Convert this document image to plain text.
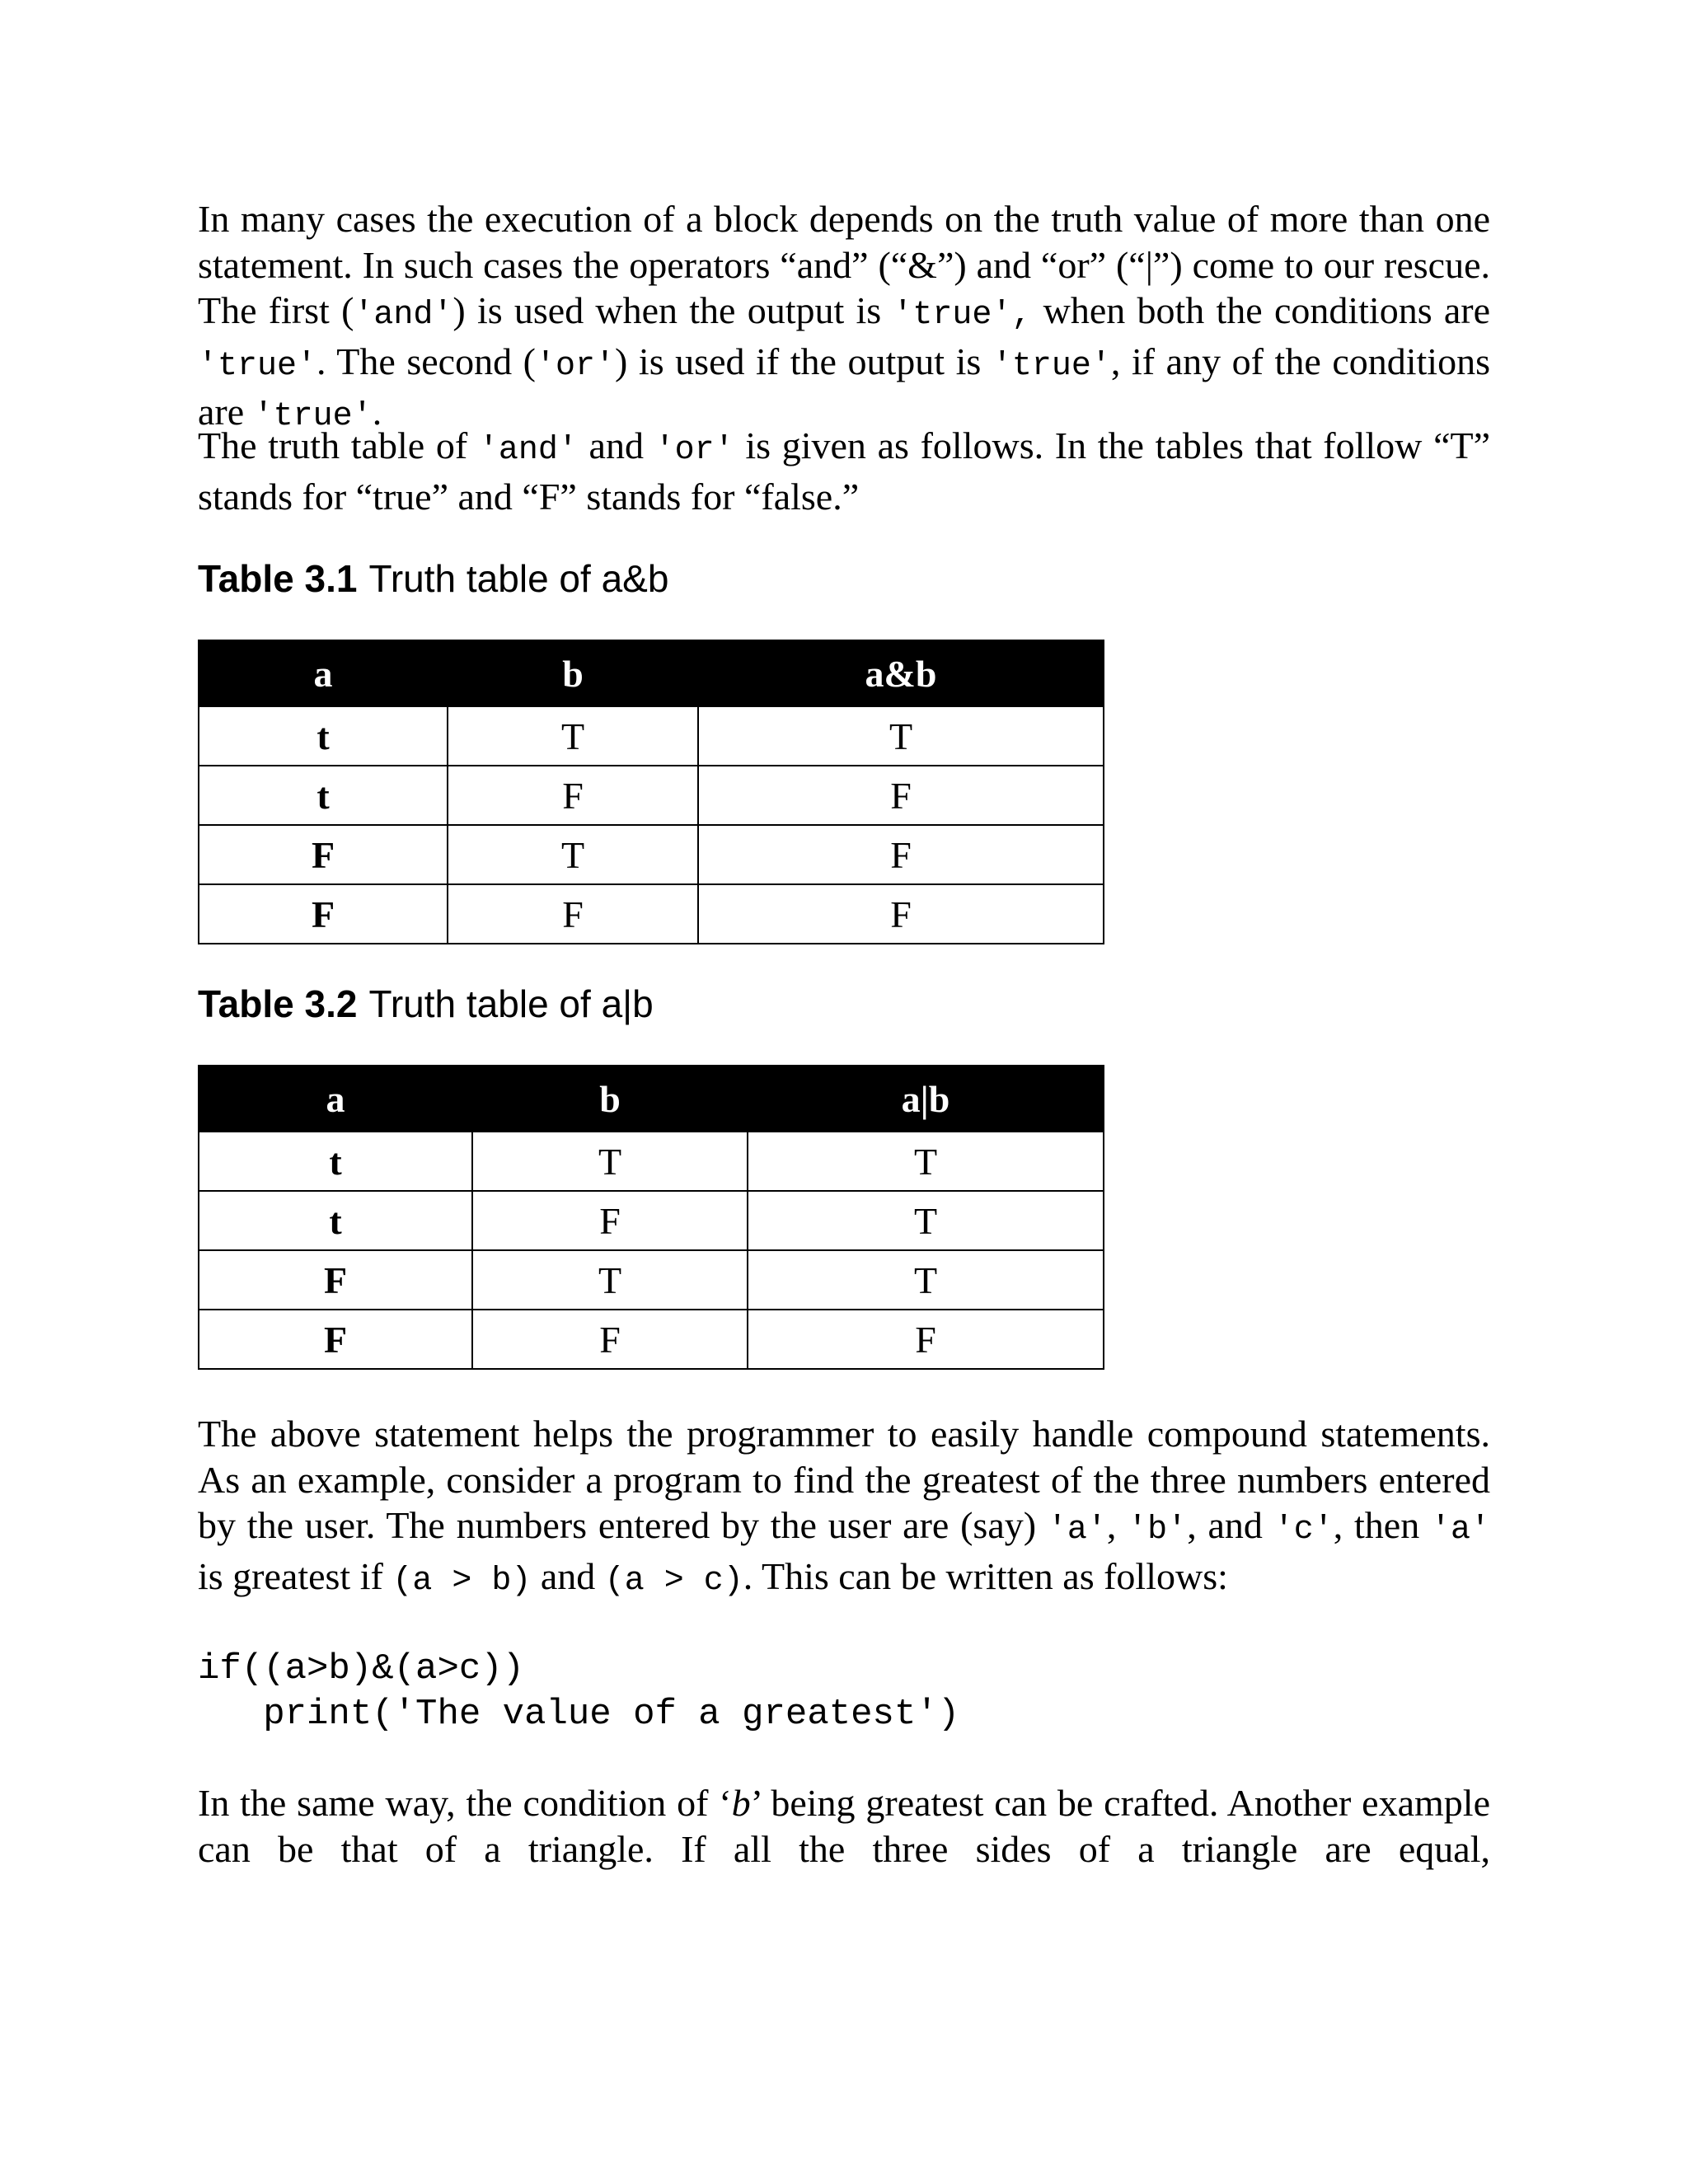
In many cases the execution of a block depends on the truth value of more than one statement. In such cases the operators “and” (“&”) and “or” (“|”) come to our rescue. The first ('and') is used when the output is 'true', when both the conditions are 'true'. The second ('or') is used if the output is 'true', if any of the conditions are 'true'.

The truth table of 'and' and 'or' is given as follows. In the tables that follow “T” stands for “true” and “F” stands for “false.”

Table 3.1 Truth table of a&b

a	b	a&b
t	T	T
t	F	F
F	T	F
F	F	F

Table 3.2 Truth table of a|b

a	b	a|b
t	T	T
t	F	T
F	T	T
F	F	F

The above statement helps the programmer to easily handle compound statements. As an example, consider a program to find the greatest of the three numbers entered by the user. The numbers entered by the user are (say) 'a', 'b', and 'c', then 'a' is greatest if (a > b) and (a > c). This can be written as follows:

if((a>b)&(a>c))
print('The value of a greatest')

In the same way, the condition of ‘b’ being greatest can be crafted. Another example can be that of a triangle. If all the three sides of a triangle are equal,
